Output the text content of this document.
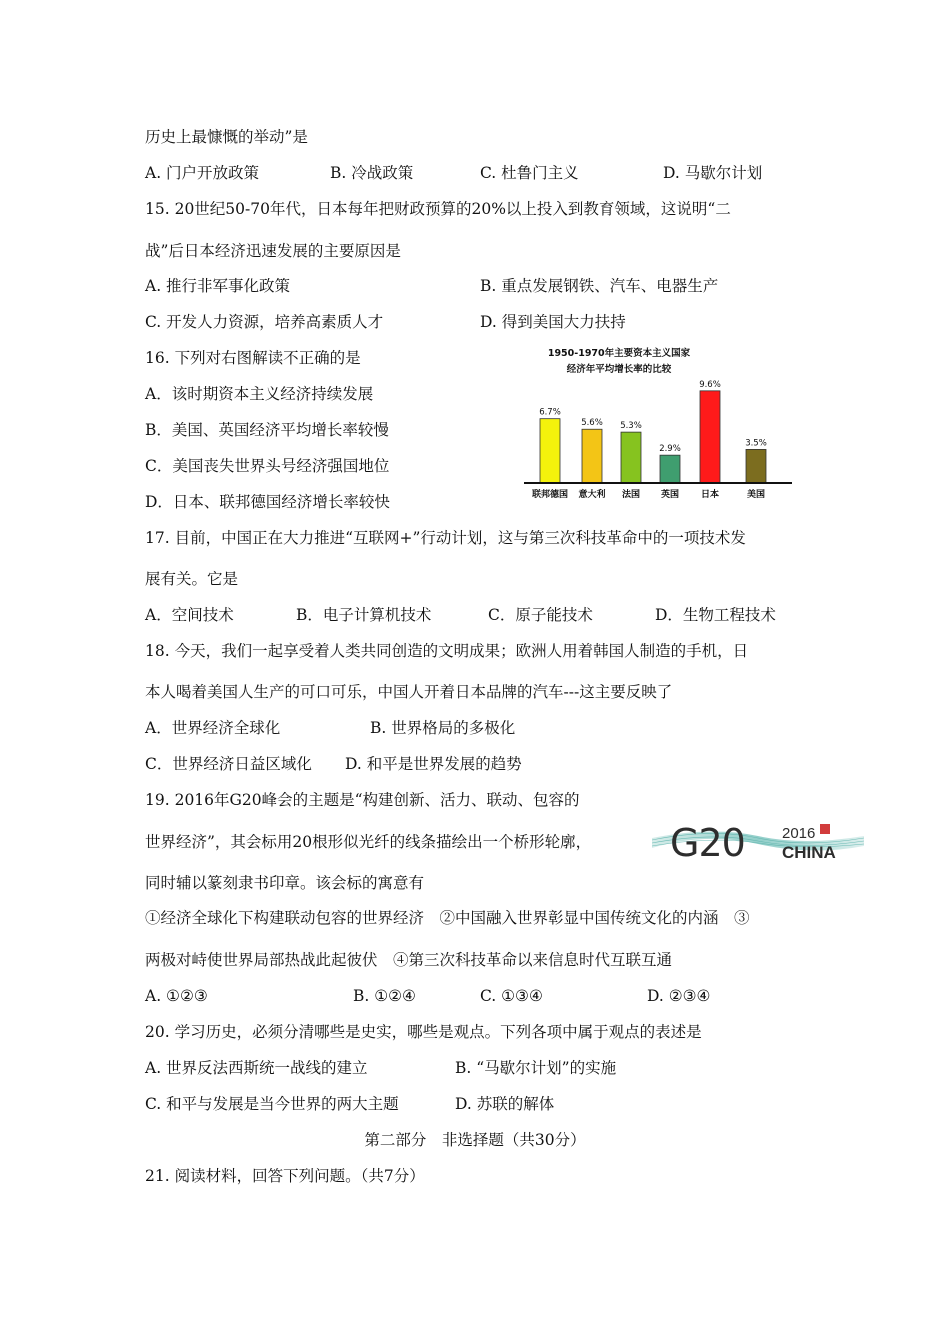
历史上最慷慨的举动”是
A. 门户开放政策	B. 冷战政策	C. 杜鲁门主义	D. 马歇尔计划
15. 20世纪50-70年代，日本每年把财政预算的20%以上投入到教育领域，这说明“二
战”后日本经济迅速发展的主要原因是
A. 推行非军事化政策	B. 重点发展钢铁、汽车、电器生产
C. 开发人力资源，培养高素质人才	D. 得到美国大力扶持
16. 下列对右图解读不正确的是
A．该时期资本主义经济持续发展
B．美国、英国经济平均增长率较慢
C．美国丧失世界头号经济强国地位
D．日本、联邦德国经济增长率较快
1950-1970年主要资本主义国家
经济年平均增长率的比较
6.7%
联邦德国
5.6%
意大利
5.3%
法国
2.9%
英国
9.6%
日本
3.5%
美国
17. 目前，中国正在大力推进“互联网+”行动计划，这与第三次科技革命中的一项技术发
展有关。它是
A．空间技术	B．电子计算机技术	C．原子能技术	D．生物工程技术
18. 今天，我们一起享受着人类共同创造的文明成果；欧洲人用着韩国人制造的手机，日
本人喝着美国人生产的可口可乐，中国人开着日本品牌的汽车---这主要反映了
A．世界经济全球化	B. 世界格局的多极化
C．世界经济日益区域化 D. 和平是世界发展的趋势
19. 2016年G20峰会的主题是“构建创新、活力、联动、包容的
世界经济”，其会标用20根形似光纤的线条描绘出一个桥形轮廓， G20 2016
CHINA
同时辅以篆刻隶书印章。该会标的寓意有
①经济全球化下构建联动包容的世界经济　②中国融入世界彰显中国传统文化的内涵　③
两极对峙使世界局部热战此起彼伏　④第三次科技革命以来信息时代互联互通
A. ①②③	B. ①②④	C. ①③④	D. ②③④
20. 学习历史，必须分清哪些是史实，哪些是观点。下列各项中属于观点的表述是
A. 世界反法西斯统一战线的建立	B. “马歇尔计划”的实施
C. 和平与发展是当今世界的两大主题	D. 苏联的解体
第二部分　非选择题（共30分）
21. 阅读材料，回答下列问题。（共7分）
